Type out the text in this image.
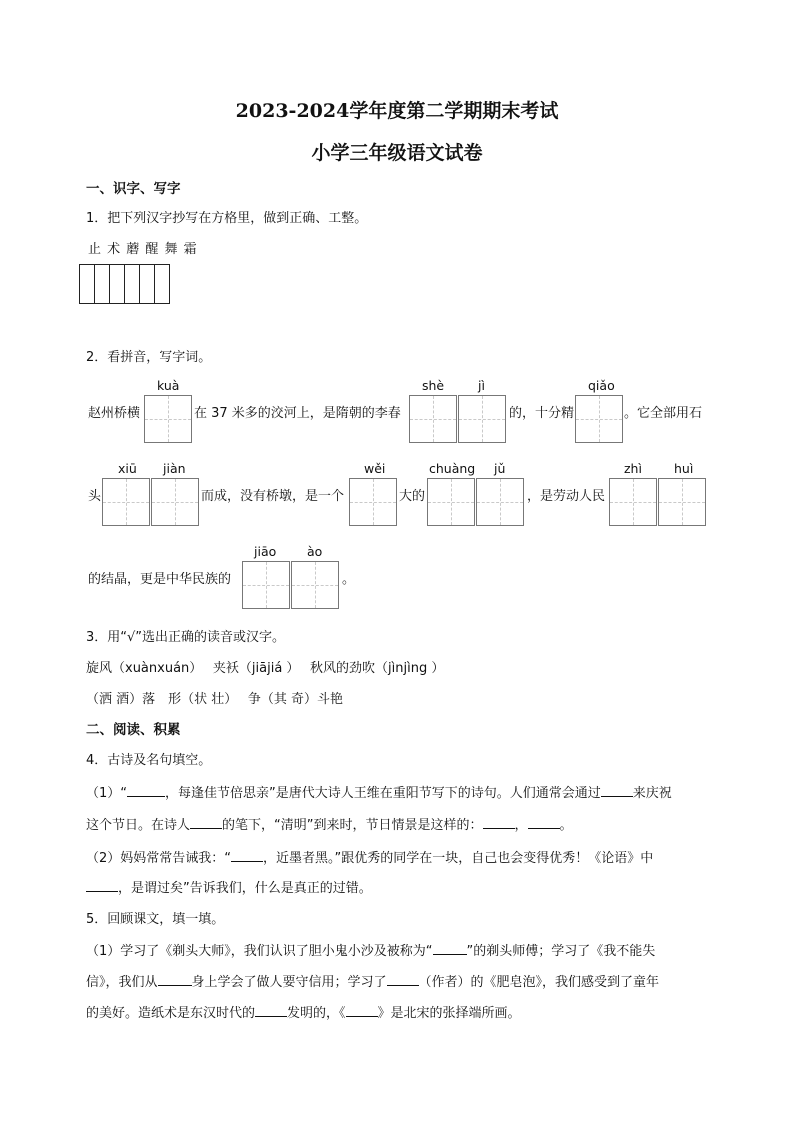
2023-2024学年度第二学期期末考试
小学三年级语文试卷
一、识字、写字
1．把下列汉字抄写在方格里，做到正确、工整。
止 术 蘑 醒 舞 霜
2．看拼音，写字词。
kuà	shè	jì	qiǎo
赵州桥横	在 37 米多的洨河上，是隋朝的李春	的，十分精	。它全部用石
xiū jiàn	wěi	chuàng jǔ	zhì	huì
头	而成，没有桥墩，是一个	大的	，是劳动人民
jiāo ào
的结晶，更是中华民族的	。
3．用“√”选出正确的读音或汉字。
旋风（xuànxuán）　 夹袄（jiājiá ）　 秋风的劲吹（jìnjìng ）
（洒 酒）落　形（状 壮）　 争（其 奇）斗艳
二、阅读、积累
4．古诗及名句填空。
（1）“	，每逢佳节倍思亲”是唐代大诗人王维在重阳节写下的诗句。人们通常会通过 来庆祝
这个节日。在诗人 的笔下，“清明”到来时，节日情景是这样的： ， 。
（2）妈妈常常告诫我：“ ，近墨者黑。”跟优秀的同学在一块，自己也会变得优秀！《论语》中
，是谓过矣”告诉我们，什么是真正的过错。
5．回顾课文，填一填。
（1）学习了《剃头大师》，我们认识了胆小鬼小沙及被称为“	”的剃头师傅；学习了《我不能失
信》，我们从	身上学会了做人要守信用；学习了 （作者）的《肥皂泡》，我们感受到了童年
的美好。造纸术是东汉时代的 发明的，《 》是北宋的张择端所画。
